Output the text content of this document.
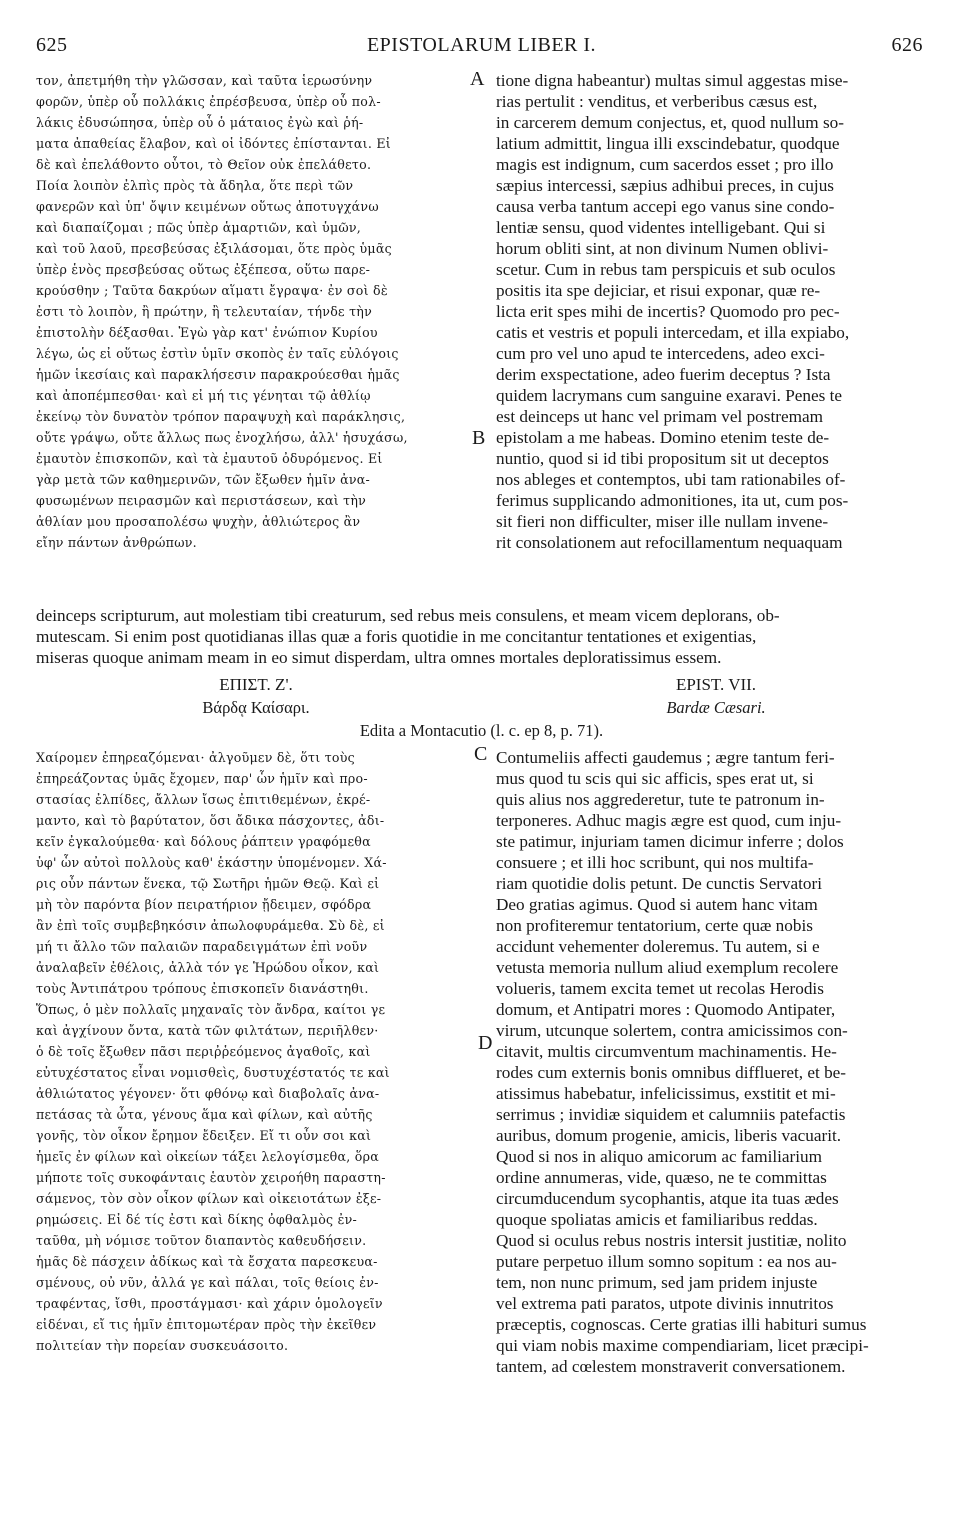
625	EPISTOLARUM LIBER I.	626
τον, ἀπετμήθη τὴν γλῶσσαν, καὶ ταῦτα ἱερωσύνην
φορῶν, ὑπὲρ οὗ πολλάκις ἐπρέσβευσα, ὑπὲρ οὗ πολ-
λάκις ἐδυσώπησα, ὑπὲρ οὗ ὁ μάταιος ἐγὼ καὶ ῥή-
ματα ἀπαθείας ἔλαβον, καὶ οἱ ἰδόντες ἐπίστανται. Εἰ
δὲ καὶ ἐπελάθοντο οὗτοι, τὸ Θεῖον οὐκ ἐπελάθετο.
Ποία λοιπὸν ἐλπὶς πρὸς τὰ ἄδηλα, ὅτε περὶ τῶν
φανερῶν καὶ ὑπ' ὄψιν κειμένων οὕτως ἀποτυγχάνω
καὶ διαπαίζομαι ; πῶς ὑπὲρ ἁμαρτιῶν, καὶ ὑμῶν,
καὶ τοῦ λαοῦ, πρεσβεύσας ἐξιλάσομαι, ὅτε πρὸς ὑμᾶς
ὑπὲρ ἑνὸς πρεσβεύσας οὕτως ἐξέπεσα, οὕτω παρε-
κρούσθην ; Ταῦτα δακρύων αἵματι ἔγραψα· ἐν σοὶ δὲ
ἐστι τὸ λοιπὸν, ἢ πρώτην, ἢ τελευταίαν, τήνδε τὴν
ἐπιστολὴν δέξασθαι. Ἐγὼ γὰρ κατ' ἐνώπιον Κυρίου
λέγω, ὡς εἰ οὕτως ἐστὶν ὑμῖν σκοπὸς ἐν ταῖς εὐλόγοις
ἡμῶν ἱκεσίαις καὶ παρακλήσεσιν παρακρούεσθαι ἡμᾶς
καὶ ἀποπέμπεσθαι· καὶ εἰ μή τις γένηται τῷ ἀθλίῳ
ἐκείνῳ τὸν δυνατὸν τρόπον παραψυχὴ καὶ παράκλησις,
οὔτε γράψω, οὔτε ἄλλως πως ἐνοχλήσω, ἀλλ' ἡσυχάσω,
ἐμαυτὸν ἐπισκοπῶν, καὶ τὰ ἐμαυτοῦ ὀδυρόμενος. Εἰ
γὰρ μετὰ τῶν καθημερινῶν, τῶν ἔξωθεν ἡμῖν ἀνα-
φυσωμένων πειρασμῶν καὶ περιστάσεων, καὶ τὴν
ἀθλίαν μου προσαπολέσω ψυχὴν, ἀθλιώτερος ἂν
εἴην πάντων ἀνθρώπων.
tione digna habeantur) multas simul aggestas mise-
rias pertulit : venditus, et verberibus cæsus est,
in carcerem demum conjectus, et, quod nullum so-
latium admittit, lingua illi exscindebatur, quodque
magis est indignum, cum sacerdos esset ; pro illo
sæpius intercessi, sæpius adhibui preces, in cujus
causa verba tantum accepi ego vanus sine condo-
lentiæ sensu, quod videntes intelligebant. Qui si
horum obliti sint, at non divinum Numen oblivi-
scetur. Cum in rebus tam perspicuis et sub oculos
positis ita spe dejiciar, et risui exponar, quæ re-
licta erit spes mihi de incertis? Quomodo pro pec-
catis et vestris et populi intercedam, et illa expiabo,
cum pro vel uno apud te intercedens, adeo exci-
derim exspectatione, adeo fuerim deceptus ? Ista
quidem lacrymans cum sanguine exaravi. Penes te
est deinceps ut hanc vel primam vel postremam
epistolam a me habeas. Domino etenim teste de-
nuntio, quod si id tibi propositum sit ut deceptos
nos ableges et contemptos, ubi tam rationabiles of-
ferimus supplicando admonitiones, ita ut, cum pos-
sit fieri non difficulter, miser ille nullam invene-
rit consolationem aut refocillamentum nequaquam
A
B
deinceps scripturum, aut molestiam tibi creaturum, sed rebus meis consulens, et meam vicem deplorans, ob-
mutescam. Si enim post quotidianas illas quæ a foris quotidie in me concitantur tentationes et exigentias,
miseras quoque animam meam in eo simut disperdam, ultra omnes mortales deploratissimus essem.
ΕΠΙΣΤ. Ζ'.	EPIST. VII.
Βάρδᾳ Καίσαρι.	Bardæ Cæsari.
Edita a Montacutio (l. c. ep 8, p. 71).
Χαίρομεν ἐπηρεαζόμεναι· ἀλγοῦμεν δὲ, ὅτι τοὺς
ἐπηρεάζοντας ὑμᾶς ἔχομεν, παρ' ὧν ἡμῖν καὶ προ-
στασίας ἐλπίδες, ἄλλων ἴσως ἐπιτιθεμένων, ἐκρέ-
μαντο, καὶ τὸ βαρύτατον, ὅσι ἄδικα πάσχοντες, ἀδι-
κεῖν ἐγκαλούμεθα· καὶ δόλους ῥάπτειν γραφόμεθα
ὑφ' ὧν αὐτοὶ πολλοὺς καθ' ἑκάστην ὑπομένομεν. Χά-
ρις οὖν πάντων ἕνεκα, τῷ Σωτῆρι ἡμῶν Θεῷ. Καὶ εἰ
μὴ τὸν παρόντα βίον πειρατήριον ᾔδειμεν, σφόδρα
ἂν ἐπὶ τοῖς συμβεβηκόσιν ἀπωλοφυράμεθα. Σὺ δὲ, εἰ
μή τι ἄλλο τῶν παλαιῶν παραδειγμάτων ἐπὶ νοῦν
ἀναλαβεῖν ἐθέλοις, ἀλλὰ τόν γε Ἡρώδου οἶκον, καὶ
τοὺς Ἀντιπάτρου τρόπους ἐπισκοπεῖν διανάστηθι.
Ὅπως, ὁ μὲν πολλαῖς μηχαναῖς τὸν ἄνδρα, καίτοι γε
καὶ ἀγχίνουν ὄντα, κατὰ τῶν φιλτάτων, περιῆλθεν·
ὁ δὲ τοῖς ἔξωθεν πᾶσι περιῤῥεόμενος ἀγαθοῖς, καὶ
εὐτυχέστατος εἶναι νομισθεὶς, δυστυχέστατός τε καὶ
ἀθλιώτατος γέγονεν· ὅτι φθόνῳ καὶ διαβολαῖς ἀνα-
πετάσας τὰ ὦτα, γένους ἅμα καὶ φίλων, καὶ αὐτῆς
γονῆς, τὸν οἶκον ἔρημον ἔδειξεν. Εἴ τι οὖν σοι καὶ
ἡμεῖς ἐν φίλων καὶ οἰκείων τάξει λελογίσμεθα, ὅρα
μήποτε τοῖς συκοφάνταις ἑαυτὸν χειροήθη παραστη-
σάμενος, τὸν σὸν οἶκον φίλων καὶ οἰκειοτάτων ἐξε-
ρημώσεις. Εἰ δέ τίς ἐστι καὶ δίκης ὀφθαλμὸς ἐν-
ταῦθα, μὴ νόμισε τοῦτον διαπαντὸς καθευδήσειν.
ἡμᾶς δὲ πάσχειν ἀδίκως καὶ τὰ ἔσχατα παρεσκευα-
σμένους, οὐ νῦν, ἀλλά γε καὶ πάλαι, τοῖς θείοις ἐν-
τραφέντας, ἴσθι, προστάγμασι· καὶ χάριν ὁμολογεῖν
εἰδέναι, εἴ τις ἡμῖν ἐπιτομωτέραν πρὸς τὴν ἐκεῖθεν
πολιτείαν τὴν πορείαν συσκευάσοιτο.
Contumeliis affecti gaudemus ; ægre tantum feri-
mus quod tu scis qui sic afficis, spes erat ut, si
quis alius nos aggrederetur, tute te patronum in-
terponeres. Adhuc magis ægre est quod, cum inju-
ste patimur, injuriam tamen dicimur inferre ; dolos
consuere ; et illi hoc scribunt, qui nos multifa-
riam quotidie dolis petunt. De cunctis Servatori
Deo gratias agimus. Quod si autem hanc vitam
non profiteremur tentatorium, certe quæ nobis
accidunt vehementer doleremus. Tu autem, si e
vetusta memoria nullum aliud exemplum recolere
volueris, tamem excita temet ut recolas Herodis
domum, et Antipatri mores : Quomodo Antipater,
virum, utcunque solertem, contra amicissimos con-
citavit, multis circumventum machinamentis. He-
rodes cum externis bonis omnibus difflueret, et be-
atissimus habebatur, infelicissimus, exstitit et mi-
serrimus ; invidiæ siquidem et calumniis patefactis
auribus, domum progenie, amicis, liberis vacuarit.
Quod si nos in aliquo amicorum ac familiarium
ordine annumeras, vide, quæso, ne te committas
circumducendum sycophantis, atque ita tuas ædes
quoque spoliatas amicis et familiaribus reddas.
Quod si oculus rebus nostris intersit justitiæ, nolito
putare perpetuo illum somno sopitum : ea nos au-
tem, non nunc primum, sed jam pridem injuste
vel extrema pati paratos, utpote divinis innutritos
præceptis, cognoscas. Certe gratias illi habituri sumus
qui viam nobis maxime compendiariam, licet præcipi-
tantem, ad cœlestem monstraverit conversationem.
C
D
